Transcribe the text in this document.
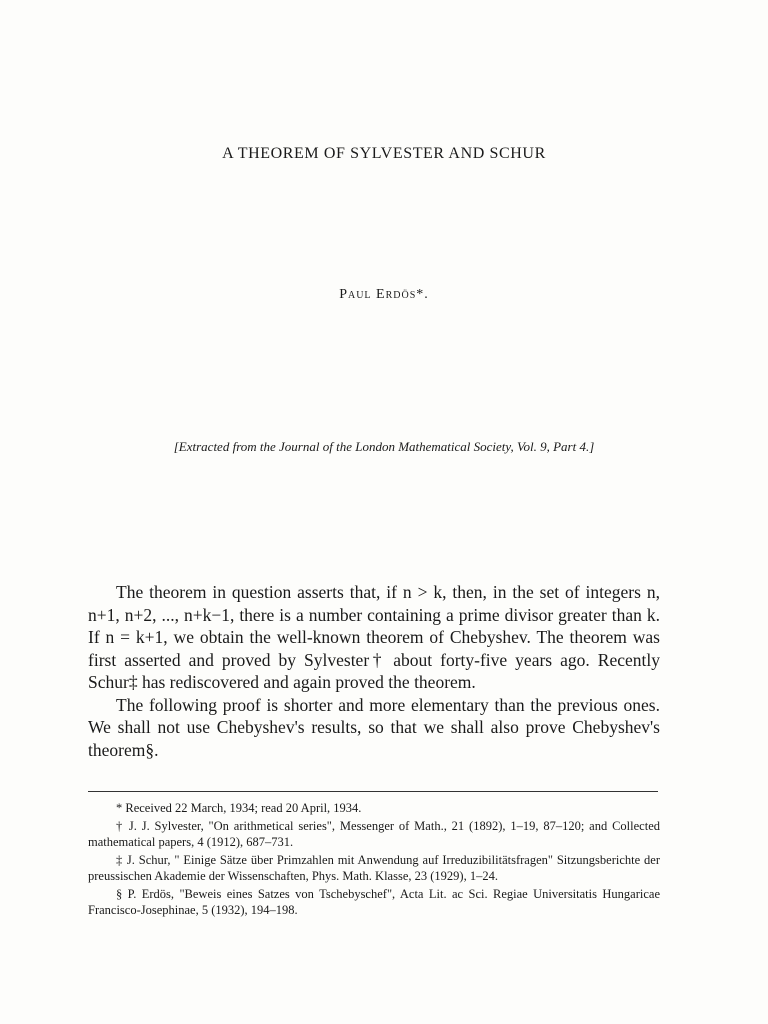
A THEOREM OF SYLVESTER AND SCHUR
Paul Erdös*.
[Extracted from the Journal of the London Mathematical Society, Vol. 9, Part 4.]

The theorem in question asserts that, if n > k, then, in the set of integers n, n+1, n+2, ..., n+k−1, there is a number containing a prime divisor greater than k. If n = k+1, we obtain the well-known theorem of Chebyshev. The theorem was first asserted and proved by Sylvester† about forty-five years ago. Recently Schur‡ has rediscovered and again proved the theorem.

The following proof is shorter and more elementary than the previous ones. We shall not use Chebyshev's results, so that we shall also prove Chebyshev's theorem§.

* Received 22 March, 1934; read 20 April, 1934.

† J. J. Sylvester, "On arithmetical series", Messenger of Math., 21 (1892), 1–19, 87–120; and Collected mathematical papers, 4 (1912), 687–731.

‡ J. Schur, " Einige Sätze über Primzahlen mit Anwendung auf Irreduzibilitätsfragen" Sitzungsberichte der preussischen Akademie der Wissenschaften, Phys. Math. Klasse, 23 (1929), 1–24.

§ P. Erdös, "Beweis eines Satzes von Tschebyschef", Acta Lit. ac Sci. Regiae Universitatis Hungaricae Francisco-Josephinae, 5 (1932), 194–198.
